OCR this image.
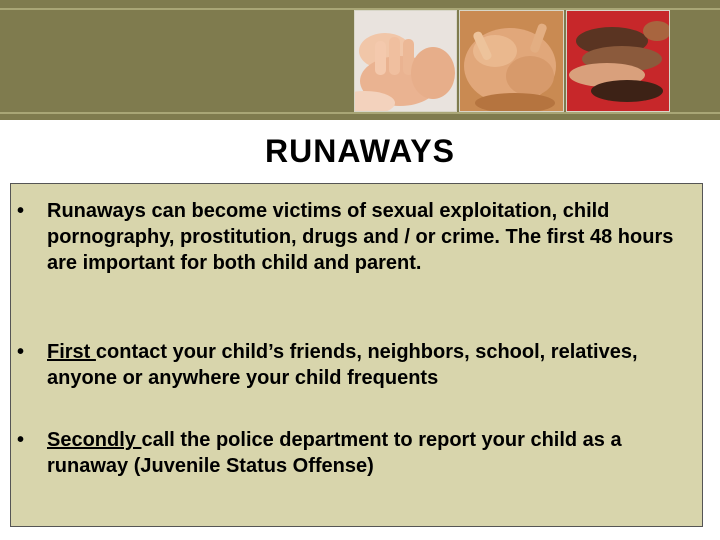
RUNAWAYS
• Runaways can become victims of sexual exploitation, child pornography, prostitution, drugs and / or crime. The first 48 hours are important for both child and parent.
• First contact your child’s friends, neighbors, school, relatives, anyone or anywhere your child frequents
• Secondly call the police department to report your child as a runaway (Juvenile Status Offense)
